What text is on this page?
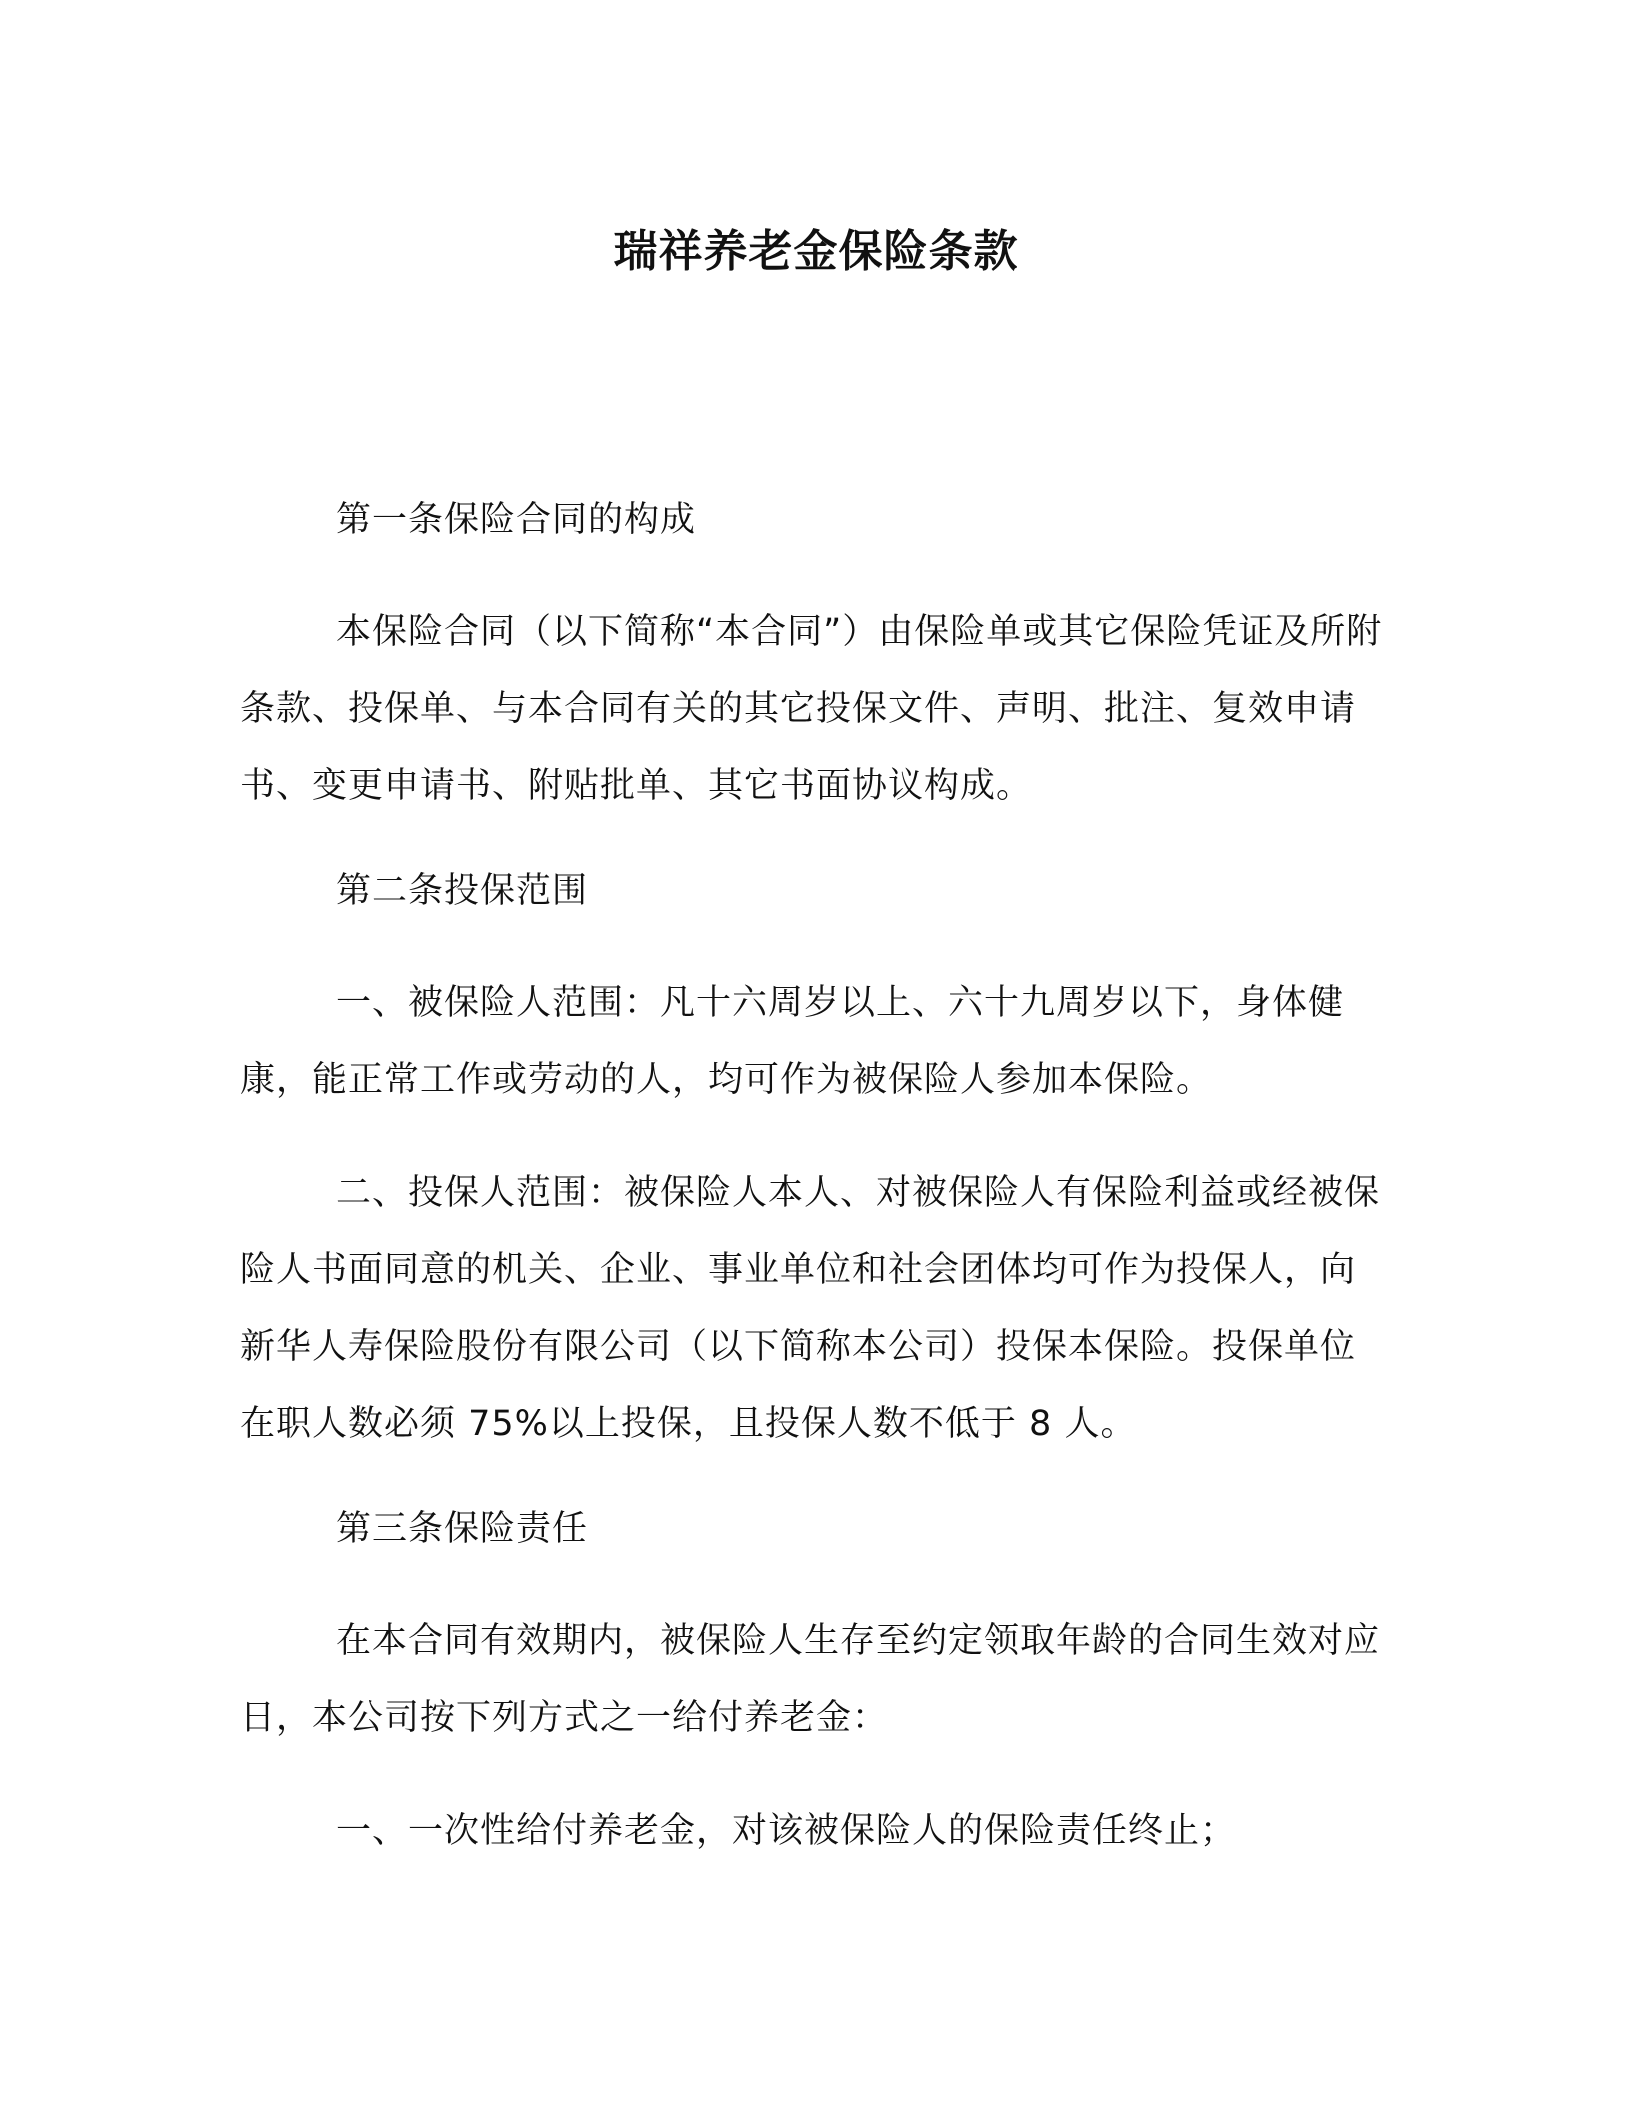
瑞祥养老金保险条款
第一条保险合同的构成

本保险合同（以下简称“本合同”）由保险单或其它保险凭证及所附条款、投保单、与本合同有关的其它投保文件、声明、批注、复效申请书、变更申请书、附贴批单、其它书面协议构成。

第二条投保范围

一、被保险人范围：凡十六周岁以上、六十九周岁以下，身体健康，能正常工作或劳动的人，均可作为被保险人参加本保险。

二、投保人范围：被保险人本人、对被保险人有保险利益或经被保险人书面同意的机关、企业、事业单位和社会团体均可作为投保人，向新华人寿保险股份有限公司（以下简称本公司）投保本保险。投保单位在职人数必须 75%以上投保，且投保人数不低于 8 人。

第三条保险责任

在本合同有效期内，被保险人生存至约定领取年龄的合同生效对应日，本公司按下列方式之一给付养老金：

一、一次性给付养老金，对该被保险人的保险责任终止；
